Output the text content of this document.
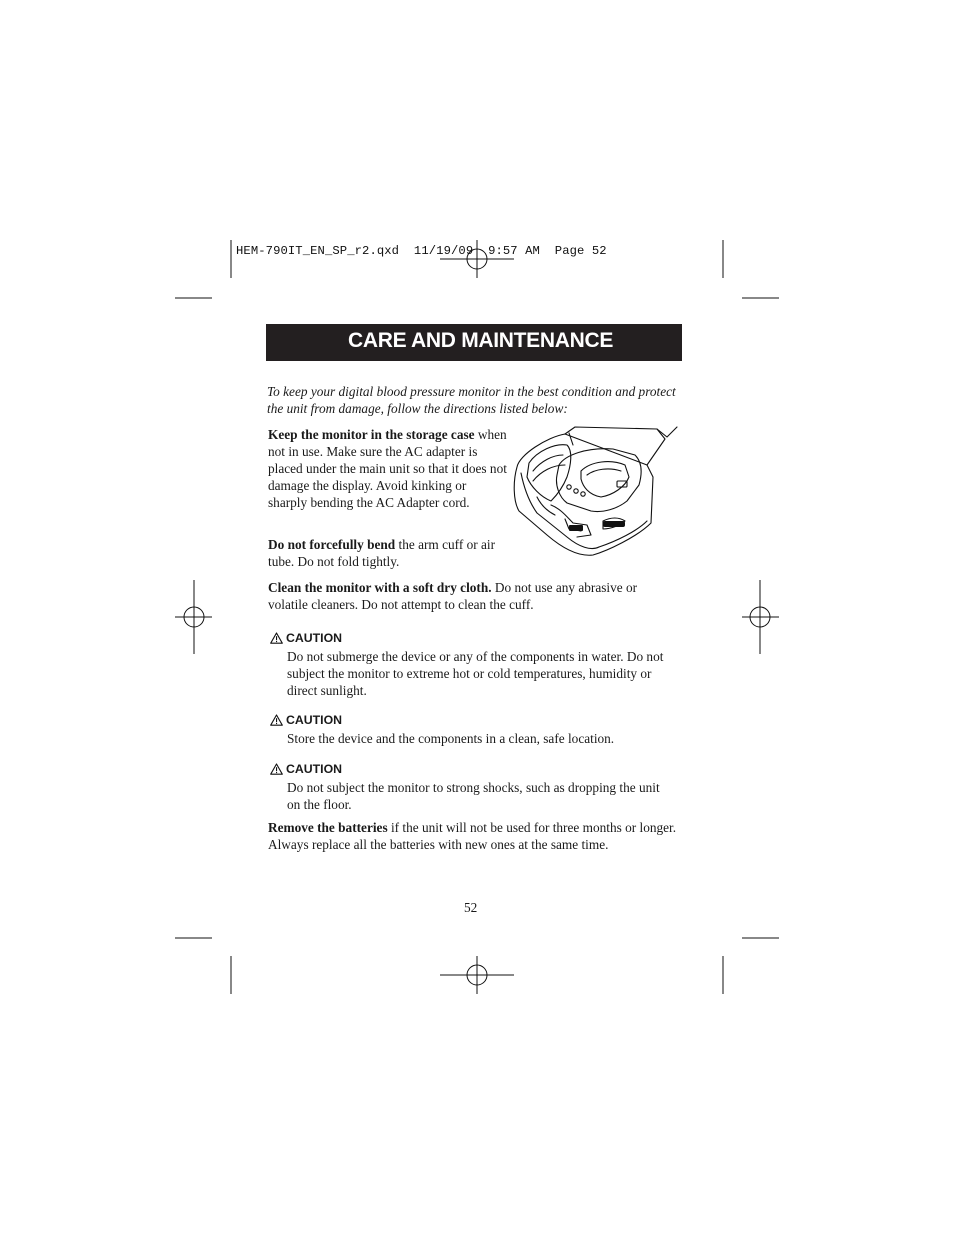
HEM-790IT_EN_SP_r2.qxd  11/19/09  9:57 AM  Page 52
CARE AND MAINTENANCE

To keep your digital blood pressure monitor in the best condition and protect the unit from damage, follow the directions listed below:

Keep the monitor in the storage case when not in use. Make sure the AC adapter is placed under the main unit so that it does not damage the display. Avoid kinking or sharply bending the AC Adapter cord.

Do not forcefully bend the arm cuff or air tube. Do not fold tightly.

Clean the monitor with a soft dry cloth. Do not use any abrasive or volatile cleaners. Do not attempt to clean the cuff.

CAUTION
Do not submerge the device or any of the components in water. Do not subject the monitor to extreme hot or cold temperatures, humidity or direct sunlight.
CAUTION
Store the device and the components in a clean, safe location.
CAUTION
Do not subject the monitor to strong shocks, such as dropping the unit on the floor.

Remove the batteries if the unit will not be used for three months or longer. Always replace all the batteries with new ones at the same time.

52
